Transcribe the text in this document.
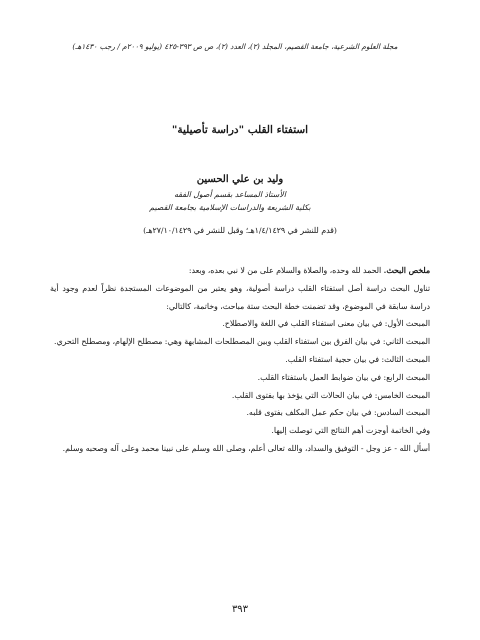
مجلة العلوم الشرعية، جامعة القصيم، المجلد (٢)، العدد (٢)، ص ص ٣٩٣-٤٢٥ (يوليو ٢٠٠٩م / رجب ١٤٣٠هـ)
استفتاء القلب "دراسة تأصيلية"
وليد بن علي الحسين
الأستاذ المساعد بقسم أصول الفقه
بكلية الشريعة والدراسات الإسلامية بجامعة القصيم
(قدم للنشر في ١/٤/١٤٢٩هـ؛ وقبل للنشر في ٢٧/١٠/١٤٢٩هـ)

ملخص البحث. الحمد لله وحده، والصلاة والسلام على من لا نبي بعده، وبعد:

تناول البحث دراسة أصل استفتاء القلب دراسة أصولية، وهو يعتبر من الموضوعات المستجدة نظراً لعدم وجود أية دراسة سابقة في الموضوع، وقد تضمنت خطة البحث ستة مباحث، وخاتمة، كالتالي:

المبحث الأول: في بيان معنى استفتاء القلب في اللغة والاصطلاح.

المبحث الثاني: في بيان الفرق بين استفتاء القلب وبين المصطلحات المشابهة وهي: مصطلح الإلهام، ومصطلح التحري.

المبحث الثالث: في بيان حجية استفتاء القلب.

المبحث الرابع: في بيان ضوابط العمل باستفتاء القلب.

المبحث الخامس: في بيان الحالات التي يؤخذ بها بفتوى القلب.

المبحث السادس: في بيان حكم عمل المكلف بفتوى قلبه.

وفي الخاتمة أوجزت أهم النتائج التي توصلت إليها.

أسأل الله - عز وجل - التوفيق والسداد، والله تعالى أعلم، وصلى الله وسلم على نبينا محمد وعلى آله وصحبه وسلم.

٣٩٣
